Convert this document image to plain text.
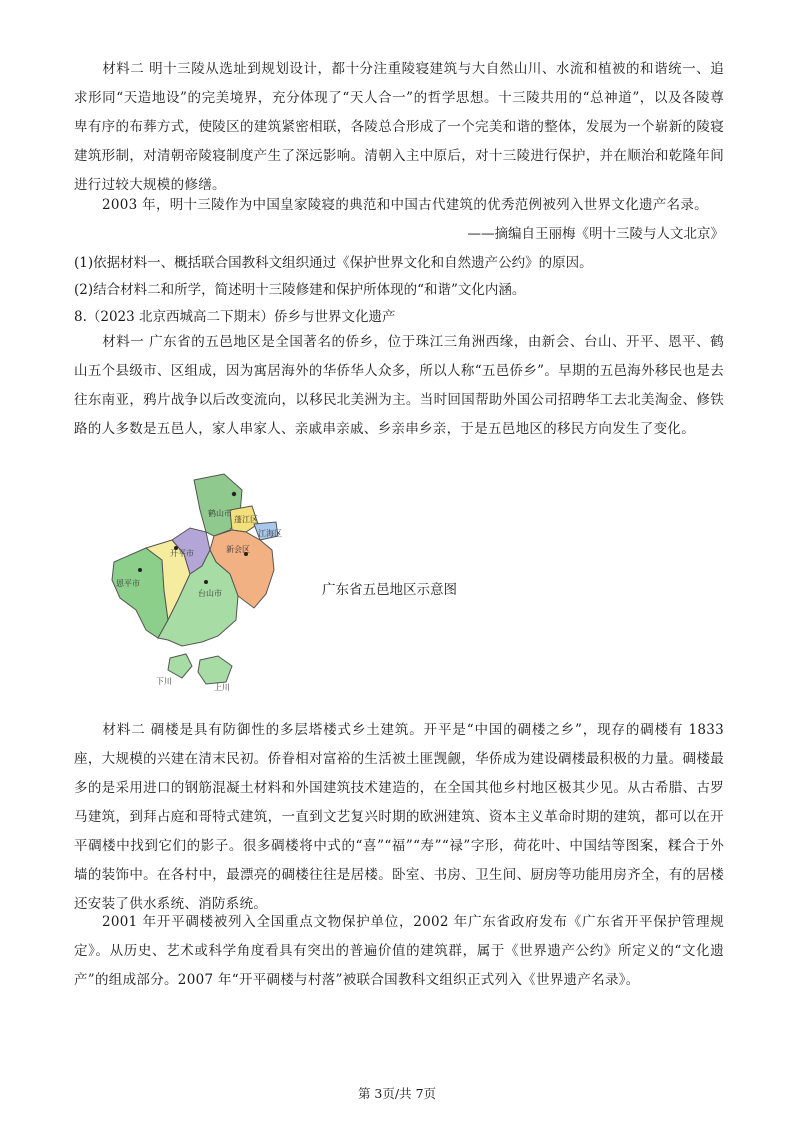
材料二 明十三陵从选址到规划设计，都十分注重陵寝建筑与大自然山川、水流和植被的和谐统一、追求形同“天造地设”的完美境界，充分体现了“天人合一”的哲学思想。十三陵共用的“总神道”，以及各陵尊卑有序的布葬方式，使陵区的建筑紧密相联，各陵总合形成了一个完美和谐的整体，发展为一个崭新的陵寝建筑形制，对清朝帝陵寝制度产生了深远影响。清朝入主中原后，对十三陵进行保护，并在顺治和乾隆年间进行过较大规模的修缮。

2003 年，明十三陵作为中国皇家陵寝的典范和中国古代建筑的优秀范例被列入世界文化遗产名录。

——摘编自王丽梅《明十三陵与人文北京》

(1)依据材料一、概括联合国教科文组织通过《保护世界文化和自然遗产公约》的原因。

(2)结合材料二和所学，简述明十三陵修建和保护所体现的“和谐”文化内涵。

8.（2023 北京西城高二下期末）侨乡与世界文化遗产

材料一 广东省的五邑地区是全国著名的侨乡，位于珠江三角洲西缘，由新会、台山、开平、恩平、鹤山五个县级市、区组成，因为寓居海外的华侨华人众多，所以人称“五邑侨乡”。早期的五邑海外移民也是去往东南亚，鸦片战争以后改变流向，以移民北美洲为主。当时回国帮助外国公司招聘华工去北美淘金、修铁路的人多数是五邑人，家人串家人、亲戚串亲戚、乡亲串乡亲，于是五邑地区的移民方向发生了变化。

鹤山市
蓬江区
江海区
新会区
开平市
恩平市
台山市
下川
上川

广东省五邑地区示意图

材料二 碉楼是具有防御性的多层塔楼式乡土建筑。开平是“中国的碉楼之乡”，现存的碉楼有 1833 座，大规模的兴建在清末民初。侨眷相对富裕的生活被土匪觊觎，华侨成为建设碉楼最积极的力量。碉楼最多的是采用进口的钢筋混凝土材料和外国建筑技术建造的，在全国其他乡村地区极其少见。从古希腊、古罗马建筑，到拜占庭和哥特式建筑，一直到文艺复兴时期的欧洲建筑、资本主义革命时期的建筑，都可以在开平碉楼中找到它们的影子。很多碉楼将中式的“喜”“福”“寿”“禄”字形，荷花叶、中国结等图案，糅合于外墙的装饰中。在各村中，最漂亮的碉楼往往是居楼。卧室、书房、卫生间、厨房等功能用房齐全，有的居楼还安装了供水系统、消防系统。

2001 年开平碉楼被列入全国重点文物保护单位，2002 年广东省政府发布《广东省开平保护管理规定》。从历史、艺术或科学角度看具有突出的普遍价值的建筑群，属于《世界遗产公约》所定义的“文化遗产”的组成部分。2007 年“开平碉楼与村落”被联合国教科文组织正式列入《世界遗产名录》。

第 3页/共 7页
